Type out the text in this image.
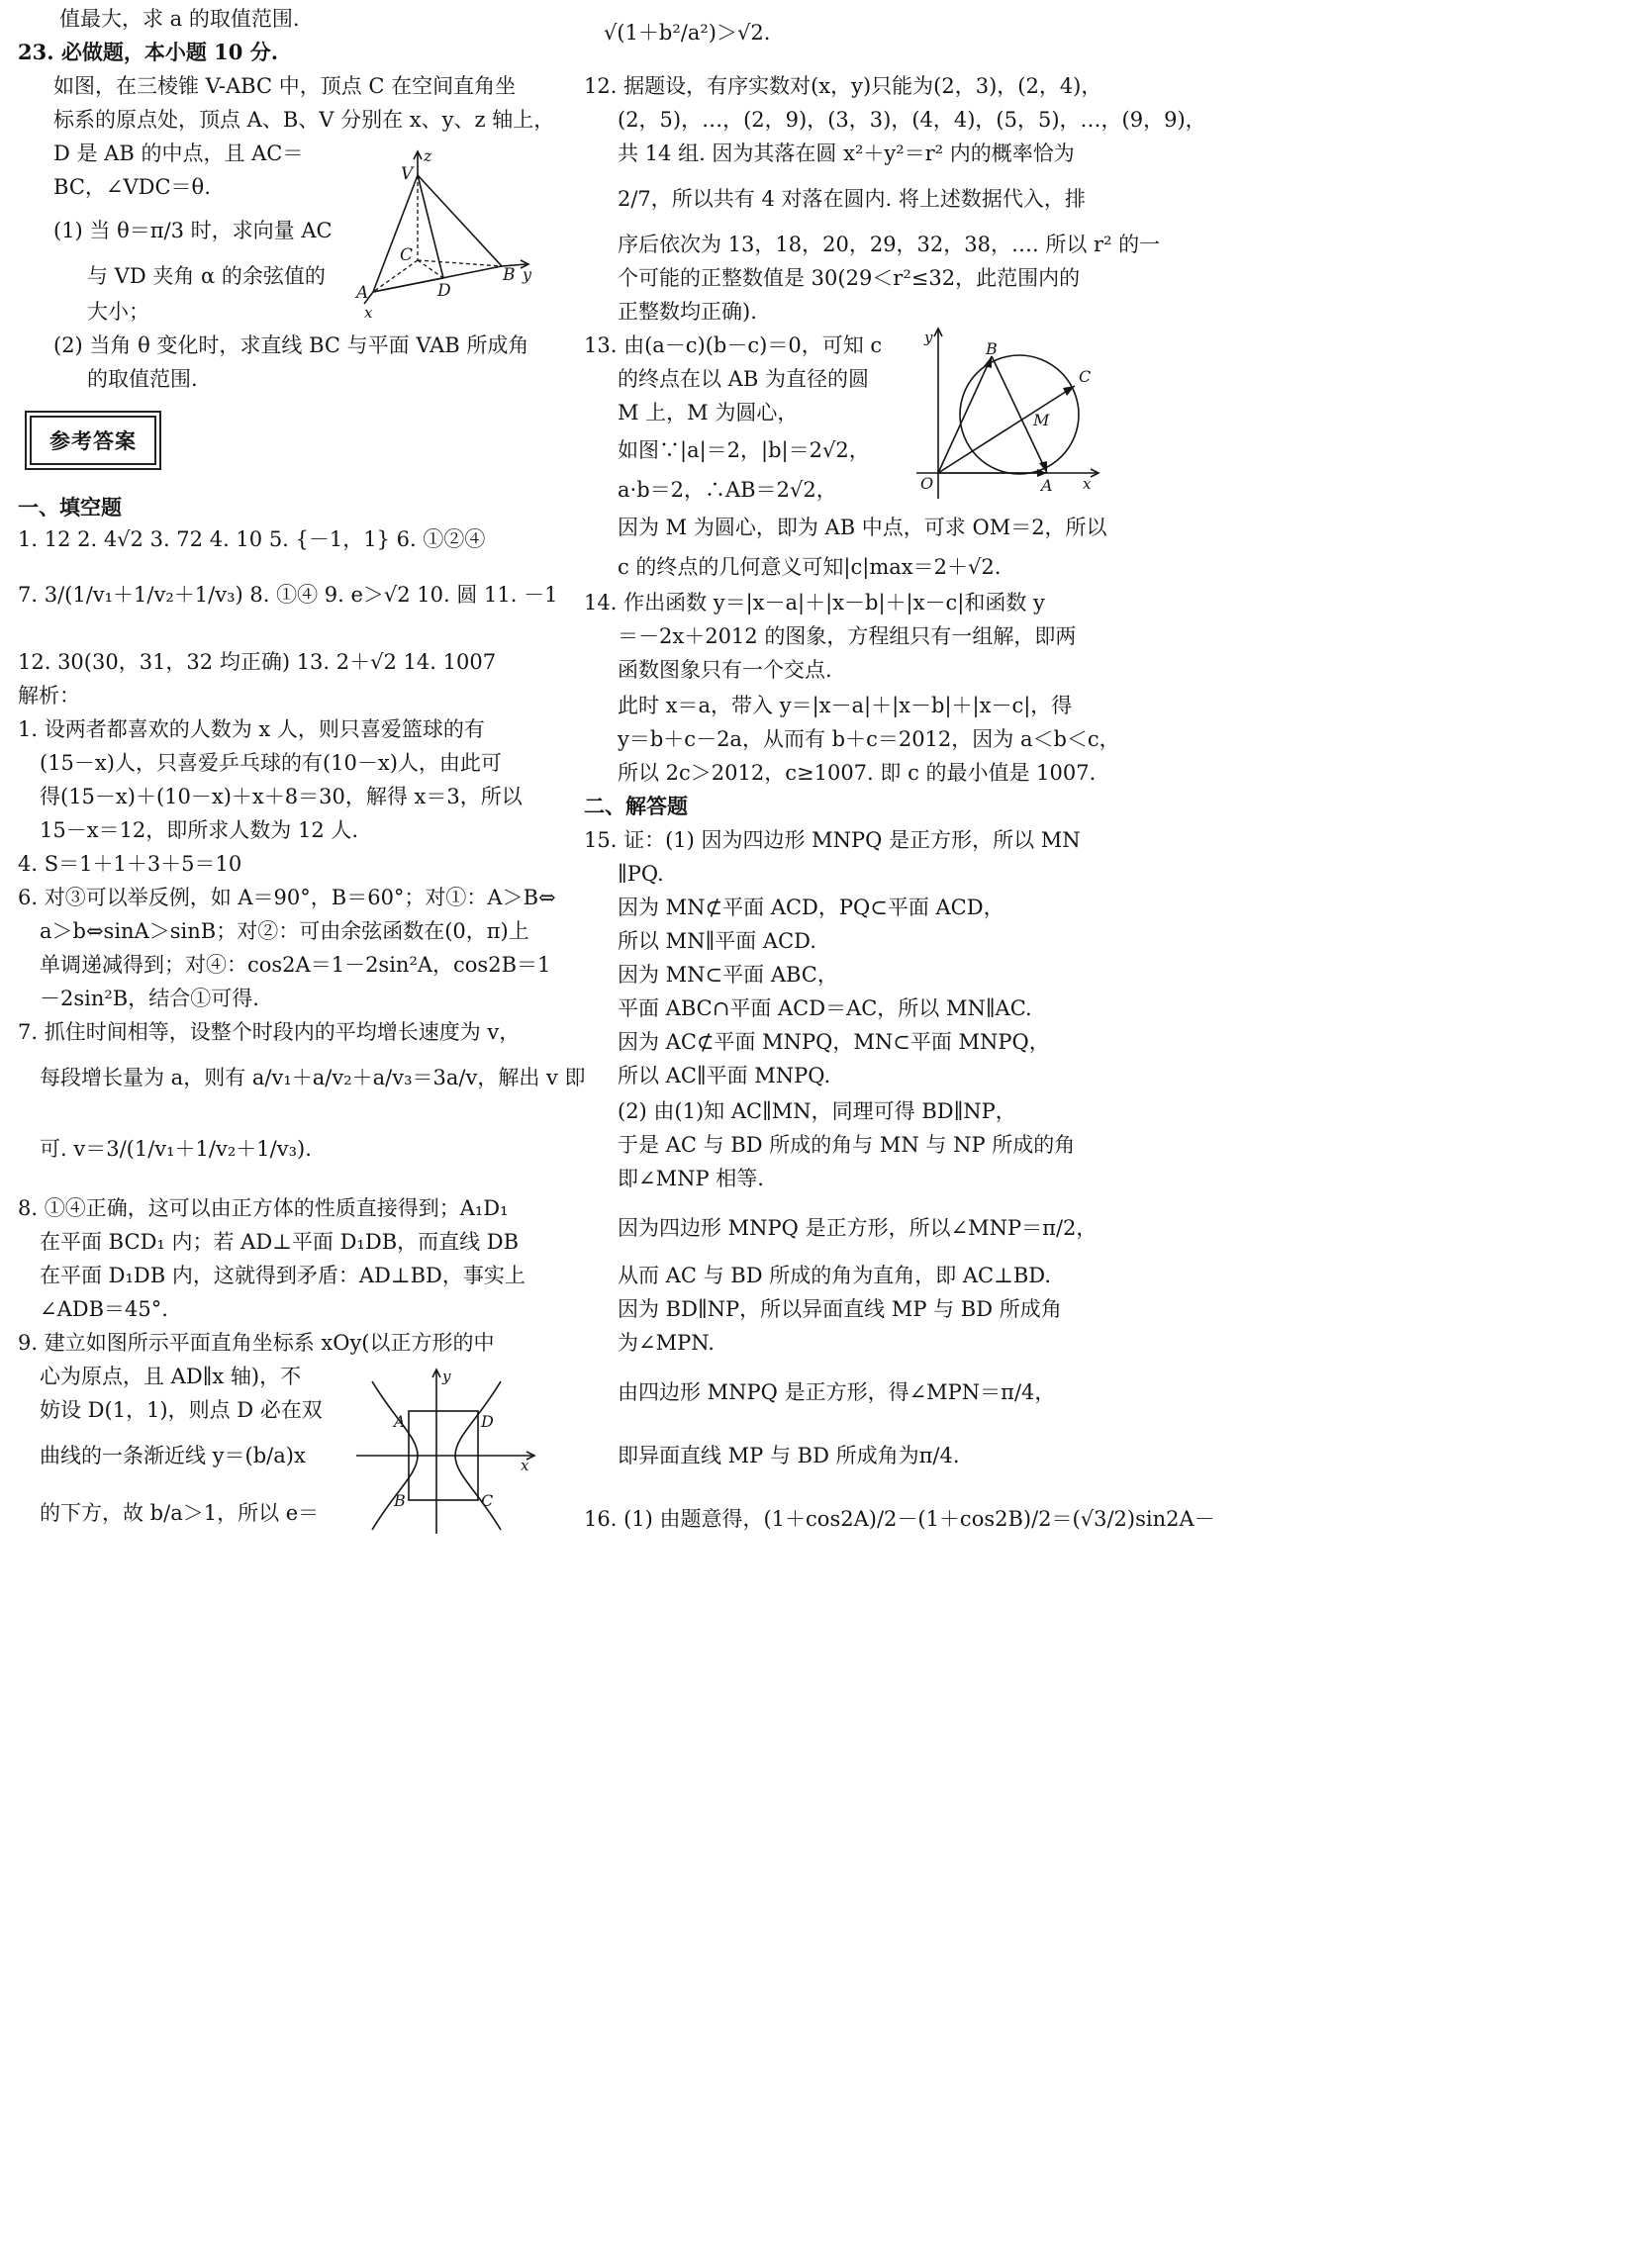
值最大，求 a 的取值范围.
23. 必做题，本小题 10 分.
如图，在三棱锥 V-ABC 中，顶点 C 在空间直角坐
标系的原点处，顶点 A、B、V 分别在 x、y、z 轴上，
D 是 AB 的中点，且 AC＝
BC，∠VDC＝θ.
(1) 当 θ＝π/3 时，求向量 AC
与 VD 夹角 α 的余弦值的
大小；
(2) 当角 θ 变化时，求直线 BC 与平面 VAB 所成角
的取值范围.
一、填空题
1. 12 2. 4√2 3. 72 4. 10 5. {－1，1} 6. ①②④
7. 3/(1/v₁＋1/v₂＋1/v₃) 8. ①④ 9. e＞√2 10. 圆 11. －1
12. 30(30，31，32 均正确) 13. 2＋√2 14. 1007
解析：
1. 设两者都喜欢的人数为 x 人，则只喜爱篮球的有
(15－x)人，只喜爱乒乓球的有(10－x)人，由此可
得(15－x)＋(10－x)＋x＋8＝30，解得 x＝3，所以
15－x＝12，即所求人数为 12 人.
4. S＝1＋1＋3＋5＝10
6. 对③可以举反例，如 A＝90°，B＝60°；对①：A＞B⇔
a＞b⇔sinA＞sinB；对②：可由余弦函数在(0，π)上
单调递减得到；对④：cos2A＝1－2sin²A，cos2B＝1
－2sin²B，结合①可得.
7. 抓住时间相等，设整个时段内的平均增长速度为 v，
每段增长量为 a，则有 a/v₁＋a/v₂＋a/v₃＝3a/v，解出 v 即
可. v＝3/(1/v₁＋1/v₂＋1/v₃).
8. ①④正确，这可以由正方体的性质直接得到；A₁D₁
在平面 BCD₁ 内；若 AD⊥平面 D₁DB，而直线 DB
在平面 D₁DB 内，这就得到矛盾：AD⊥BD，事实上
∠ADB＝45°.
9. 建立如图所示平面直角坐标系 xOy(以正方形的中
心为原点，且 AD∥x 轴)，不
妨设 D(1，1)，则点 D 必在双
曲线的一条渐近线 y＝(b/a)x
的下方，故 b/a＞1，所以 e＝
参考答案
z
V
C
B y
A	D
x
y
A	D
B	C
x
√(1＋b²/a²)＞√2.
12. 据题设，有序实数对(x，y)只能为(2，3)，(2，4)，
(2，5)，…，(2，9)，(3，3)，(4，4)，(5，5)，…，(9，9)，
共 14 组. 因为其落在圆 x²＋y²＝r² 内的概率恰为
2/7，所以共有 4 对落在圆内. 将上述数据代入，排
序后依次为 13，18，20，29，32，38，…. 所以 r² 的一
个可能的正整数值是 30(29＜r²≤32，此范围内的
正整数均正确).
13. 由(a－c)(b－c)＝0，可知 c
的终点在以 AB 为直径的圆
M 上，M 为圆心，
如图∵|a|＝2，|b|＝2√2，
a·b＝2，∴AB＝2√2，
因为 M 为圆心，即为 AB 中点，可求 OM＝2，所以
c 的终点的几何意义可知|c|max＝2＋√2.
14. 作出函数 y＝|x－a|＋|x－b|＋|x－c|和函数 y
＝－2x＋2012 的图象，方程组只有一组解，即两
函数图象只有一个交点.
此时 x＝a，带入 y＝|x－a|＋|x－b|＋|x－c|，得
y＝b＋c－2a，从而有 b＋c＝2012，因为 a＜b＜c，
所以 2c＞2012，c≥1007. 即 c 的最小值是 1007.
二、解答题
15. 证：(1) 因为四边形 MNPQ 是正方形，所以 MN
∥PQ.
因为 MN⊄平面 ACD，PQ⊂平面 ACD，
所以 MN∥平面 ACD.
因为 MN⊂平面 ABC，
平面 ABC∩平面 ACD＝AC，所以 MN∥AC.
因为 AC⊄平面 MNPQ，MN⊂平面 MNPQ，
所以 AC∥平面 MNPQ.
(2) 由(1)知 AC∥MN，同理可得 BD∥NP，
于是 AC 与 BD 所成的角与 MN 与 NP 所成的角
即∠MNP 相等.
因为四边形 MNPQ 是正方形，所以∠MNP＝π/2，
从而 AC 与 BD 所成的角为直角，即 AC⊥BD.
因为 BD∥NP，所以异面直线 MP 与 BD 所成角
为∠MPN.
由四边形 MNPQ 是正方形，得∠MPN＝π/4，
即异面直线 MP 与 BD 所成角为π/4.
16. (1) 由题意得，(1＋cos2A)/2－(1＋cos2B)/2＝(√3/2)sin2A－
y
B
C
M
O	A x
